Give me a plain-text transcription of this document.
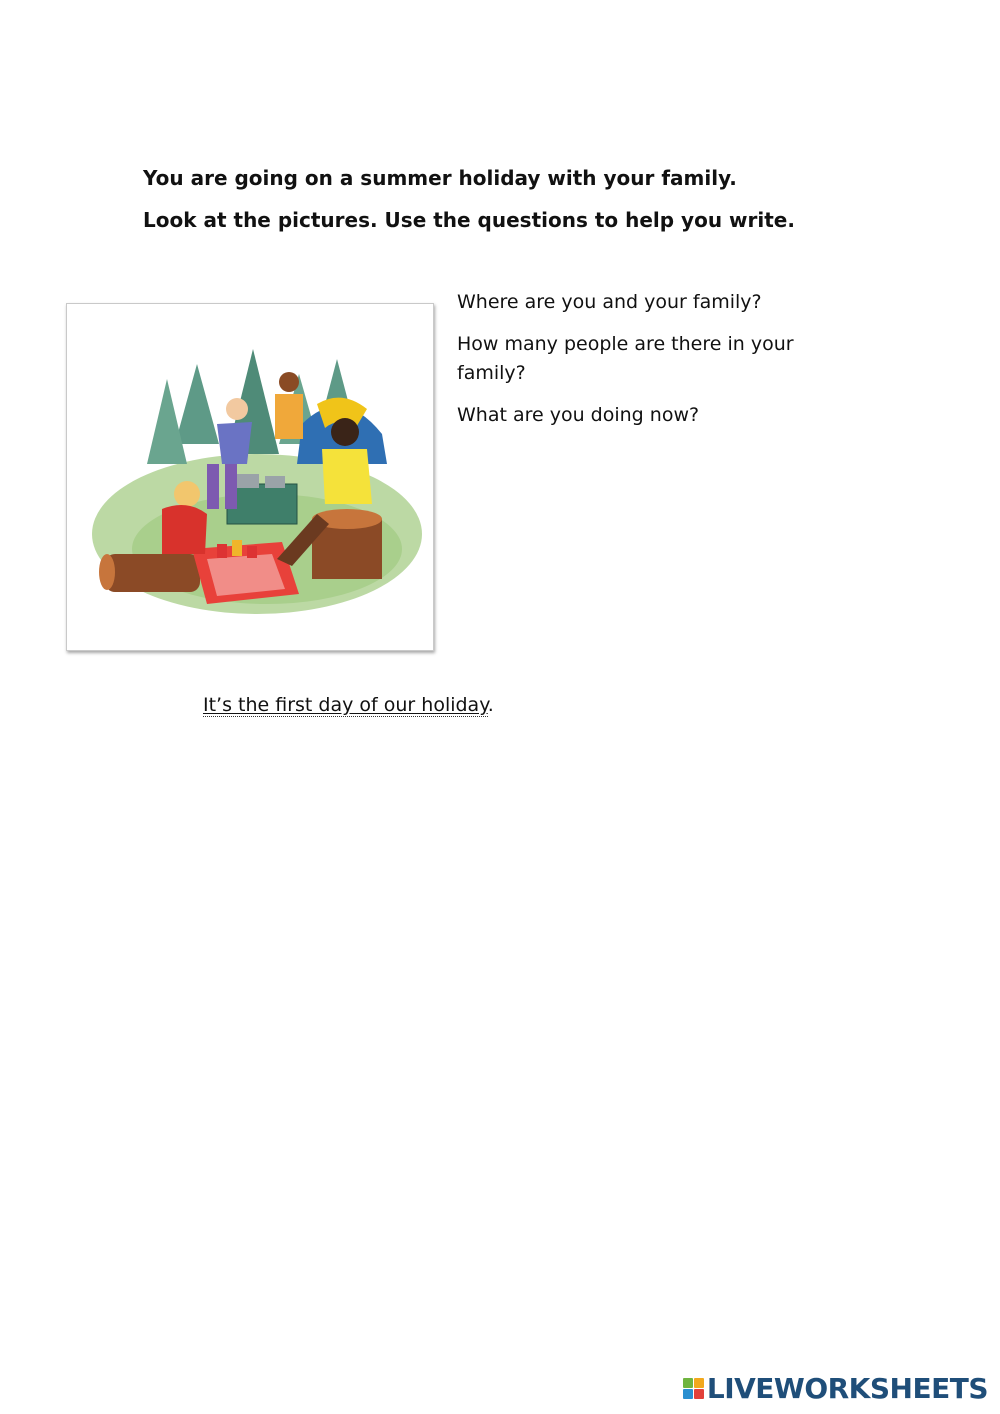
You are going on a summer holiday with your family.
Look at the pictures. Use the questions to help you write.
Where are you and your family?
How many people are there in your family?
What are you doing now?
It’s the first day of our holiday.
LIVEWORKSHEETS
